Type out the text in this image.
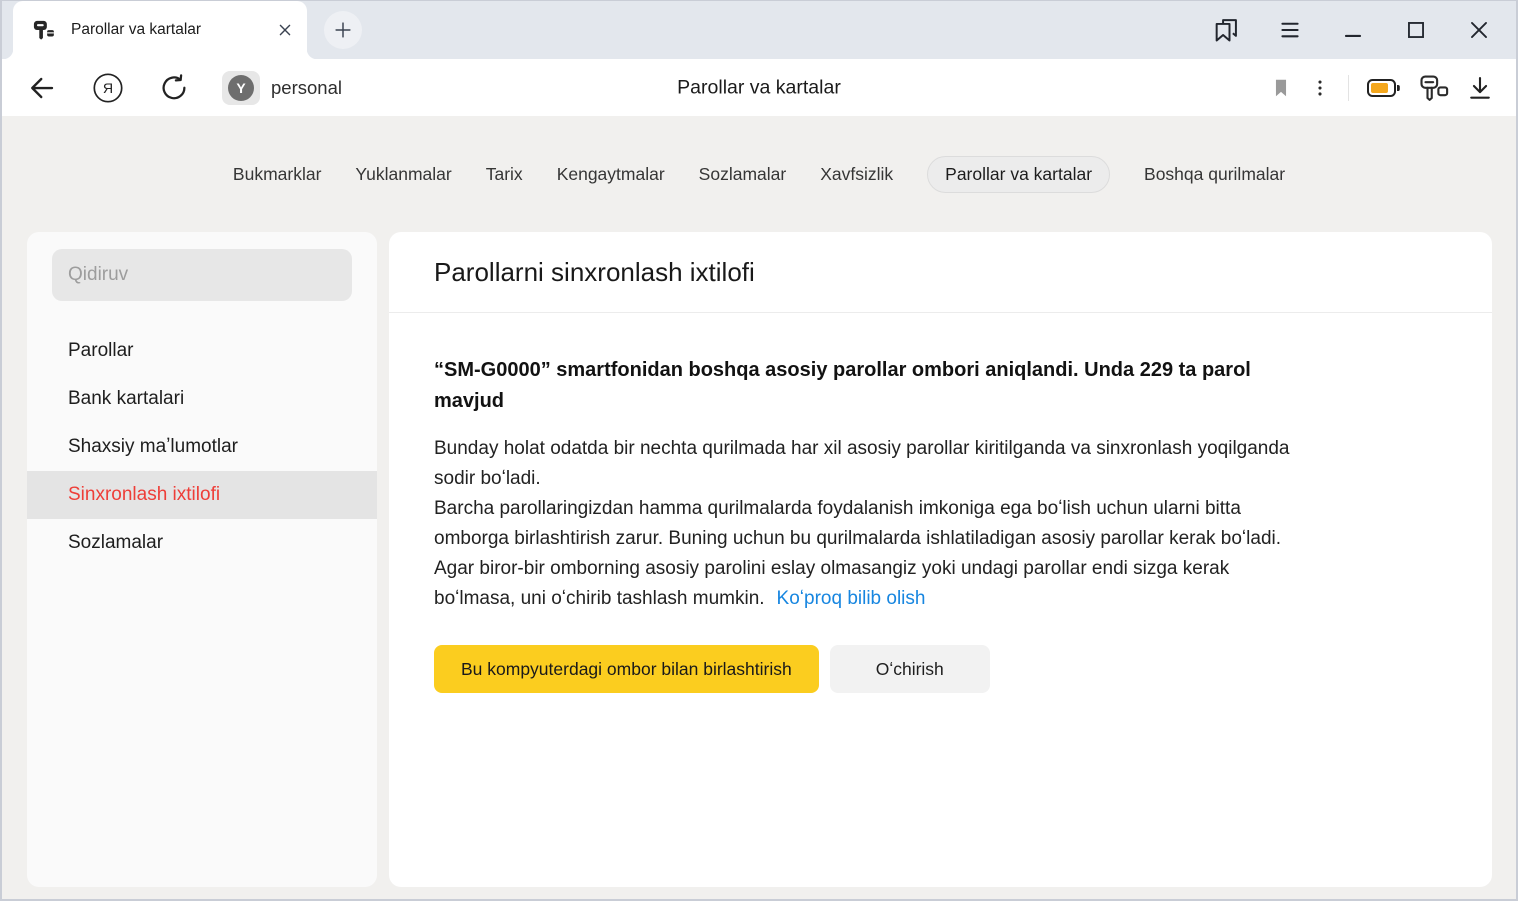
Parollar va kartalar
Я	Y	personal	Parollar va kartalar
Bukmarklar Yuklanmalar Tarix Kengaytmalar Sozlamalar Xavfsizlik	Parollar va kartalar	Boshqa qurilmalar
Qidiruv
Parollar
Bank kartalari
Shaxsiy maʼlumotlar
Sinxronlash ixtilofi
Sozlamalar
Parollarni sinxronlash ixtilofi
“SM-G0000” smartfonidan boshqa asosiy parollar ombori aniqlandi. Unda 229 ta parol
mavjud
Bunday holat odatda bir nechta qurilmada har xil asosiy parollar kiritilganda va sinxronlash yoqilganda
sodir boʻladi.
Barcha parollaringizdan hamma qurilmalarda foydalanish imkoniga ega boʻlish uchun ularni bitta
omborga birlashtirish zarur. Buning uchun bu qurilmalarda ishlatiladigan asosiy parollar kerak boʻladi.
Agar biror-bir omborning asosiy parolini eslay olmasangiz yoki undagi parollar endi sizga kerak
boʻlmasa, uni oʻchirib tashlash mumkin. Koʻproq bilib olish
Bu kompyuterdagi ombor bilan birlashtirish	Oʻchirish
